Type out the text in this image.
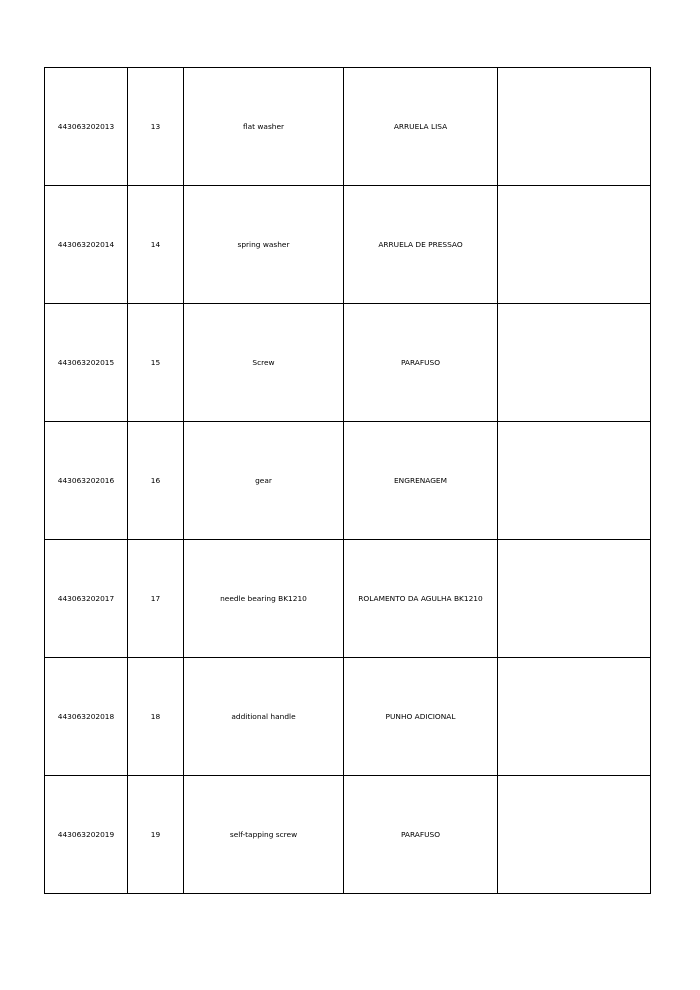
443063202013	13	flat washer	ARRUELA LISA	
443063202014	14	spring washer	ARRUELA DE PRESSAO	
443063202015	15	Screw	PARAFUSO	
443063202016	16	gear	ENGRENAGEM	
443063202017	17	needle bearing BK1210	ROLAMENTO DA AGULHA BK1210	
443063202018	18	additional handle	PUNHO ADICIONAL	
443063202019	19	self-tapping screw	PARAFUSO	
